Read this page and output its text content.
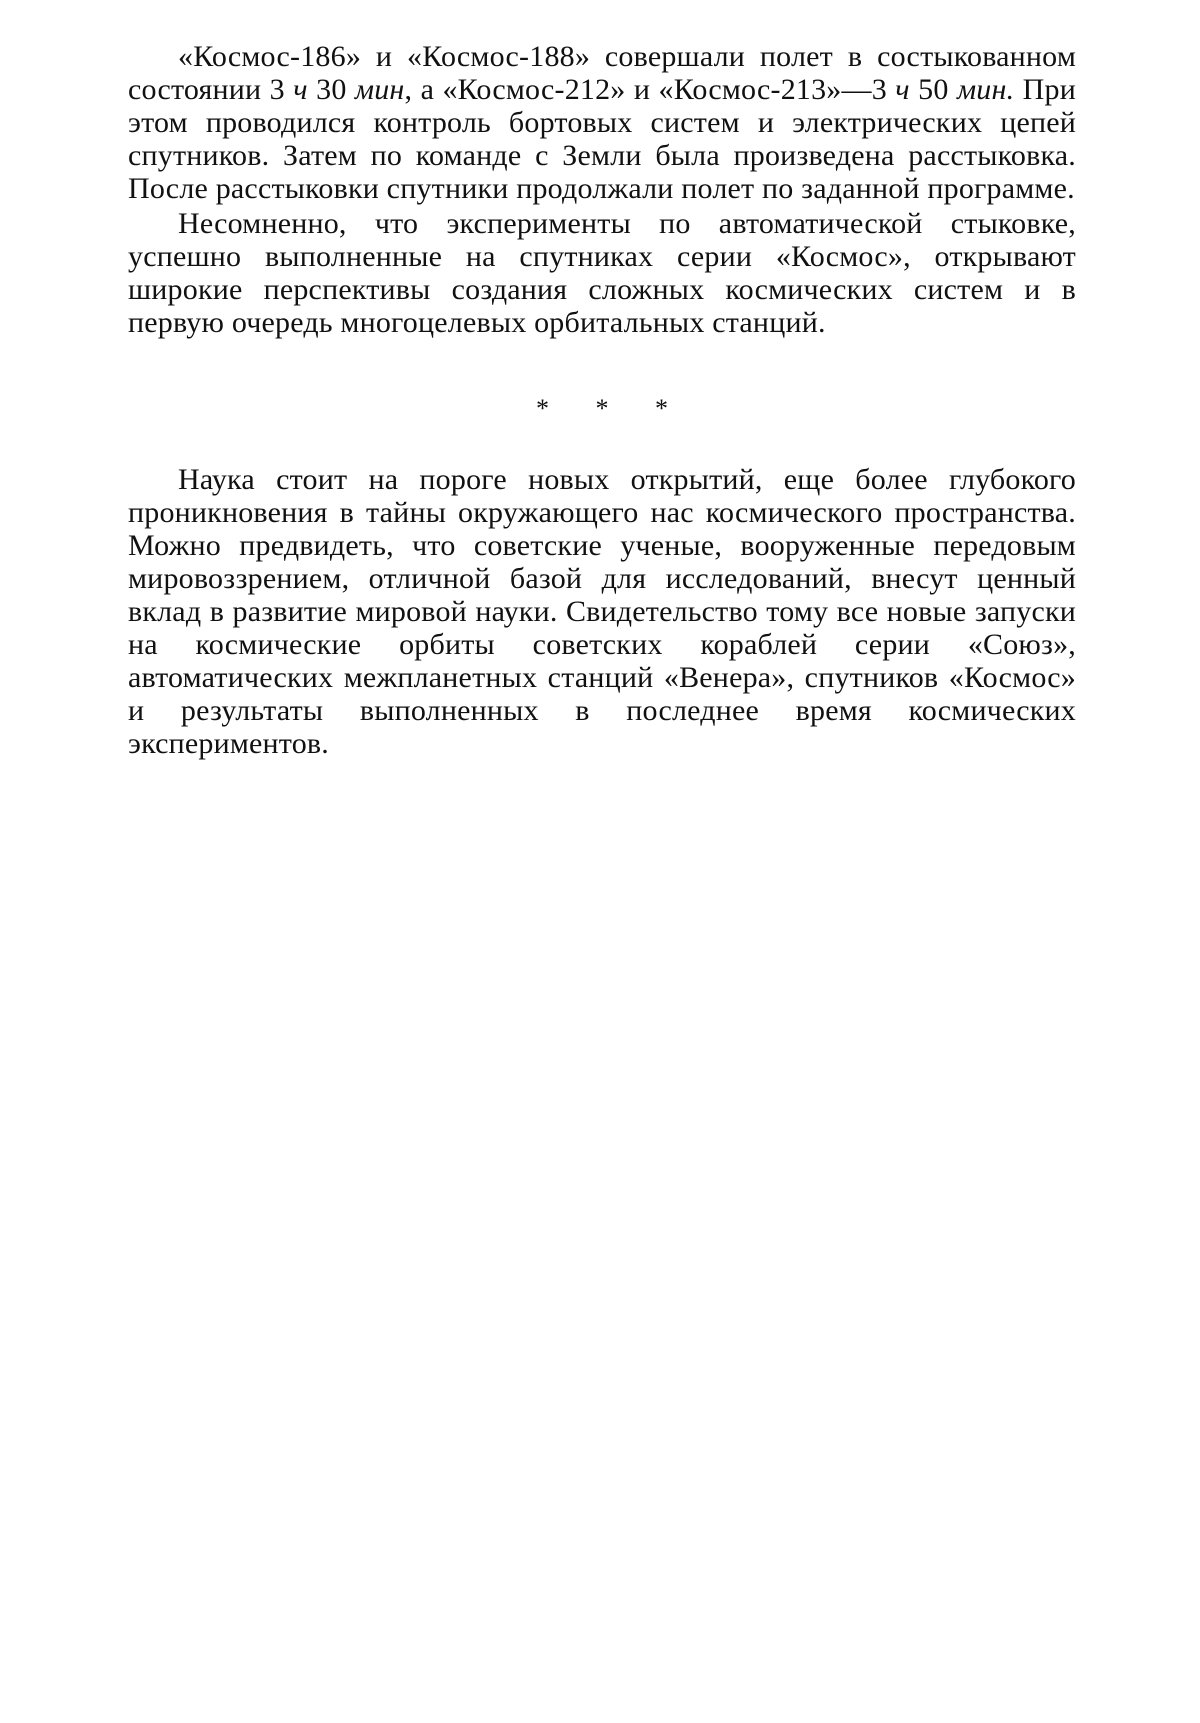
«Космос-186» и «Космос-188» совершали полет в состыкованном состоянии 3 ч 30 мин, а «Космос-212» и «Космос-213»—3 ч 50 мин. При этом проводился контроль бортовых систем и электрических цепей спутников. Затем по команде с Земли была произведена расстыковка. После расстыковки спутники продолжали полет по заданной программе.

Несомненно, что эксперименты по автоматической стыковке, успешно выполненные на спутниках серии «Космос», открывают широкие перспективы создания сложных космических систем и в первую очередь многоцелевых орбитальных станций.

* * *

Наука стоит на пороге новых открытий, еще более глубокого проникновения в тайны окружающего нас космического пространства. Можно предвидеть, что советские ученые, вооруженные передовым мировоззрением, отличной базой для исследований, внесут ценный вклад в развитие мировой науки. Свидетельство тому все новые запуски на космические орбиты советских кораблей серии «Союз», автоматических межпланетных станций «Венера», спутников «Космос» и результаты выполненных в последнее время космических экспериментов.
